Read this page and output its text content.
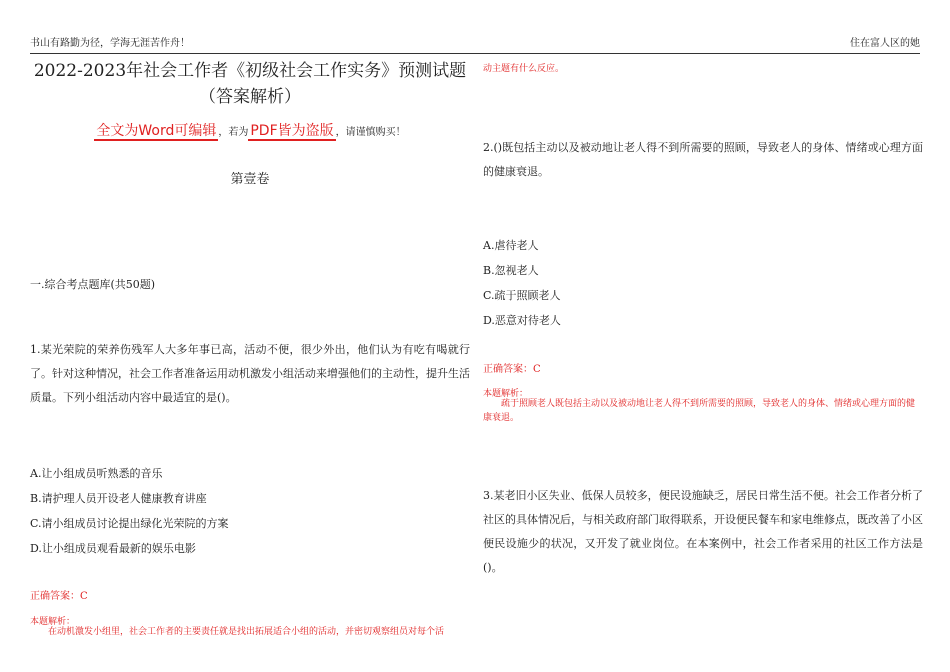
书山有路勤为径，学海无涯苦作舟！	住在富人区的她
2022-2023年社会工作者《初级社会工作实务》预测试题
（答案解析）
全文为Word可编辑 ，若为 PDF皆为盗版 ，请谨慎购买！
第壹卷
一.综合考点题库(共50题)
1.某光荣院的荣养伤残军人大多年事已高，活动不便，很少外出，他们认为有吃有喝就行了。针对这种情况，社会工作者准备运用动机激发小组活动来增强他们的主动性，提升生活质量。下列小组活动内容中最适宜的是()。
A.让小组成员听熟悉的音乐
B.请护理人员开设老人健康教育讲座
C.请小组成员讨论提出绿化光荣院的方案
D.让小组成员观看最新的娱乐电影
正确答案：C
本题解析：
在动机激发小组里，社会工作者的主要责任就是找出拓展适合小组的活动，并密切观察组员对每个活
动主题有什么反应。
2.()既包括主动以及被动地让老人得不到所需要的照顾，导致老人的身体、情绪或心理方面的健康衰退。
A.虐待老人
B.忽视老人
C.疏于照顾老人
D.恶意对待老人
正确答案：C
本题解析：
疏于照顾老人既包括主动以及被动地让老人得不到所需要的照顾，导致老人的身体、情绪或心理方面的健康衰退。
3.某老旧小区失业、低保人员较多，便民设施缺乏，居民日常生活不便。社会工作者分析了社区的具体情况后，与相关政府部门取得联系，开设便民餐车和家电维修点，既改善了小区便民设施少的状况，又开发了就业岗位。在本案例中，社会工作者采用的社区工作方法是()。
